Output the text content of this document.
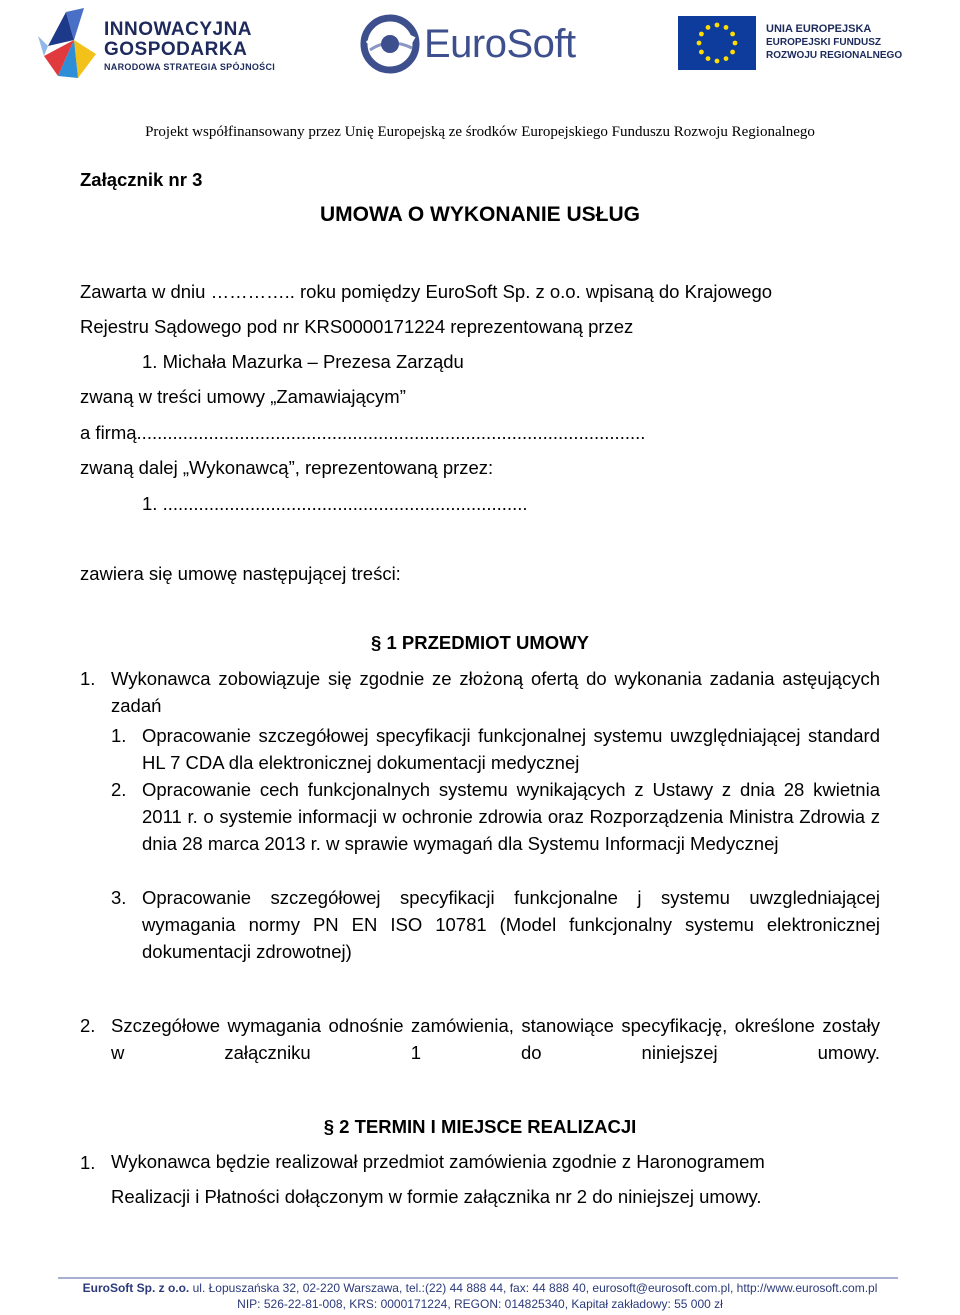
INNOWACYJNA
GOSPODARKA
NARODOWA STRATEGIA SPÓJNOŚCI
EuroSoft	UNIA EUROPEJSKA
EUROPEJSKI FUNDUSZ
ROZWOJU REGIONALNEGO
Projekt współfinansowany przez Unię Europejską ze środków Europejskiego Funduszu Rozwoju Regionalnego
Załącznik nr 3
UMOWA O WYKONANIE USŁUG
Zawarta w dniu ………….. roku pomiędzy EuroSoft Sp. z o.o. wpisaną do Krajowego
Rejestru Sądowego pod nr KRS0000171224 reprezentowaną przez
1. Michała Mazurka – Prezesa Zarządu
zwaną w treści umowy „Zamawiającym”
a firmą...................................................................................................
zwaną dalej „Wykonawcą”, reprezentowaną przez:
1. .......................................................................
zawiera się umowę następującej treści:
§ 1 PRZEDMIOT UMOWY
1. Wykonawca zobowiązuje się zgodnie ze złożoną ofertą do wykonania zadania astęujących zadań
1. Opracowanie szczegółowej specyfikacji funkcjonalnej systemu uwzględniającej standard HL 7 CDA dla elektronicznej dokumentacji medycznej
2. Opracowanie cech funkcjonalnych systemu wynikających z Ustawy z dnia 28 kwietnia 2011 r. o systemie informacji w ochronie zdrowia oraz Rozporządzenia Ministra Zdrowia z dnia 28 marca 2013 r. w sprawie wymagań dla Systemu Informacji Medycznej
3. Opracowanie szczegółowej specyfikacji funkcjonalne j systemu uwzgledniającej wymagania normy PN EN ISO 10781 (Model funkcjonalny systemu elektronicznej dokumentacji zdrowotnej)
2. Szczegółowe wymagania odnośnie zamówienia, stanowiące specyfikację, określone zostały w załączniku 1 do niniejszej umowy.
§ 2 TERMIN I MIEJSCE REALIZACJI
1. Wykonawca będzie realizował przedmiot zamówienia zgodnie z Haronogramem
Realizacji i Płatności dołączonym w formie załącznika nr 2 do niniejszej umowy.
EuroSoft Sp. z o.o. ul. Łopuszańska 32, 02-220 Warszawa, tel.:(22) 44 888 44, fax: 44 888 40, eurosoft@eurosoft.com.pl, http://www.eurosoft.com.pl
NIP: 526-22-81-008, KRS: 0000171224, REGON: 014825340, Kapitał zakładowy: 55 000 zł
